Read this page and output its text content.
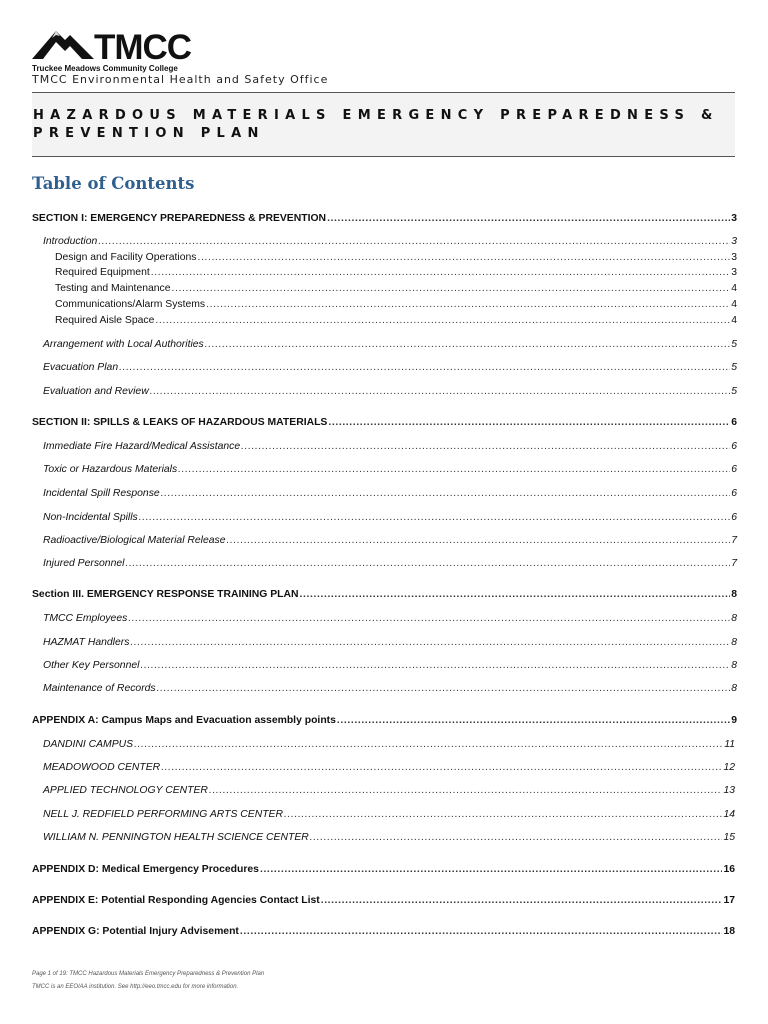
TMCC
Truckee Meadows Community College
TMCC Environmental Health and Safety Office
HAZARDOUS MATERIALS EMERGENCY PREPAREDNESS &
PREVENTION PLAN
Table of Contents
SECTION I: EMERGENCY PREPAREDNESS & PREVENTION .....	3
Introduction .....	3
Design and Facility Operations .....	3
Required Equipment .....	3
Testing and Maintenance .....	4
Communications/Alarm Systems .....	4
Required Aisle Space .....	4
Arrangement with Local Authorities .....	5
Evacuation Plan .....	5
Evaluation and Review .....	5
SECTION II: SPILLS & LEAKS OF HAZARDOUS MATERIALS .....	6
Immediate Fire Hazard/Medical Assistance .....	6
Toxic or Hazardous Materials .....	6
Incidental Spill Response .....	6
Non-Incidental Spills .....	6
Radioactive/Biological Material Release .....	7
Injured Personnel .....	7
Section III. EMERGENCY RESPONSE TRAINING PLAN .....	8
TMCC Employees .....	8
HAZMAT Handlers .....	8
Other Key Personnel .....	8
Maintenance of Records .....	8
APPENDIX A: Campus Maps and Evacuation assembly points .....	9
DANDINI CAMPUS .....	11
MEADOWOOD CENTER .....	12
APPLIED TECHNOLOGY CENTER .....	13
NELL J. REDFIELD PERFORMING ARTS CENTER .....	14
WILLIAM N. PENNINGTON HEALTH SCIENCE CENTER .....	15
APPENDIX D: Medical Emergency Procedures .....	16
APPENDIX E: Potential Responding Agencies Contact List .....	17
APPENDIX G: Potential Injury Advisement .....	18
Page 1 of 19: TMCC Hazardous Materials Emergency Preparedness & Prevention Plan
TMCC is an EEO/AA institution. See http://eeo.tmcc.edu for more information.
